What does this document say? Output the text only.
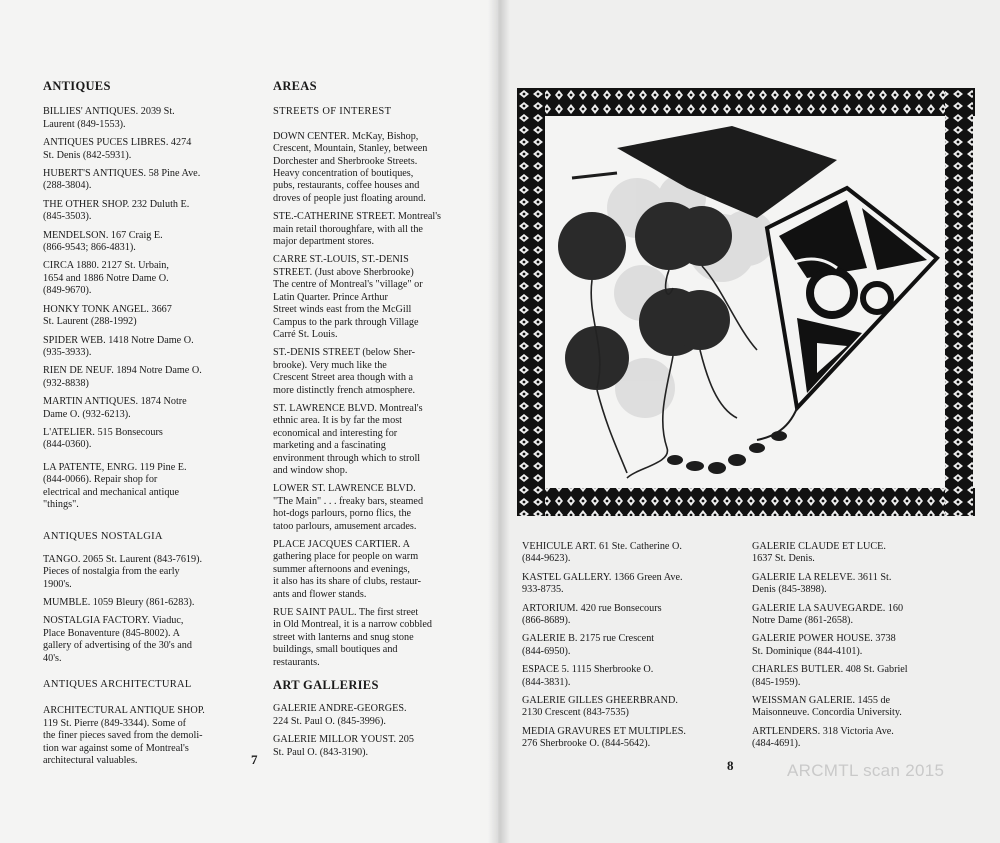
ANTIQUES
BILLIES' ANTIQUES. 2039 St.
Laurent (849-1553).
ANTIQUES PUCES LIBRES. 4274
St. Denis (842-5931).
HUBERT'S ANTIQUES. 58 Pine Ave.
(288-3804).
THE OTHER SHOP. 232 Duluth E.
(845-3503).
MENDELSON. 167 Craig E.
(866-9543; 866-4831).
CIRCA 1880. 2127 St. Urbain,
1654 and 1886 Notre Dame O.
(849-9670).
HONKY TONK ANGEL. 3667
St. Laurent (288-1992)
SPIDER WEB. 1418 Notre Dame O.
(935-3933).
RIEN DE NEUF. 1894 Notre Dame O.
(932-8838)
MARTIN ANTIQUES. 1874 Notre
Dame O. (932-6213).
L'ATELIER. 515 Bonsecours
(844-0360).
LA PATENTE, ENRG. 119 Pine E.
(844-0066). Repair shop for
electrical and mechanical antique
"things".
ANTIQUES NOSTALGIA
TANGO. 2065 St. Laurent (843-7619).
Pieces of nostalgia from the early
1900's.
MUMBLE. 1059 Bleury (861-6283).
NOSTALGIA FACTORY. Viaduc,
Place Bonaventure (845-8002). A
gallery of advertising of the 30's and
40's.
ANTIQUES ARCHITECTURAL
ARCHITECTURAL ANTIQUE SHOP.
119 St. Pierre (849-3344). Some of
the finer pieces saved from the demoli-
tion war against some of Montreal's
architectural valuables.
AREAS
STREETS OF INTEREST
DOWN CENTER. McKay, Bishop,
Crescent, Mountain, Stanley, between
Dorchester and Sherbrooke Streets.
Heavy concentration of boutiques,
pubs, restaurants, coffee houses and
droves of people just floating around.
STE.-CATHERINE STREET. Montreal's
main retail thoroughfare, with all the
major department stores.
CARRE ST.-LOUIS, ST.-DENIS
STREET. (Just above Sherbrooke)
The centre of Montreal's "village" or
Latin Quarter. Prince Arthur
Street winds east from the McGill
Campus to the park through Village
Carré St. Louis.
ST.-DENIS STREET (below Sher-
brooke). Very much like the
Crescent Street area though with a
more distinctly french atmosphere.
ST. LAWRENCE BLVD. Montreal's
ethnic area. It is by far the most
economical and interesting for
marketing and a fascinating
environment through which to stroll
and window shop.
LOWER ST. LAWRENCE BLVD.
"The Main" . . . freaky bars, steamed
hot-dogs parlours, porno flics, the
tatoo parlours, amusement arcades.
PLACE JACQUES CARTIER. A
gathering place for people on warm
summer afternoons and evenings,
it also has its share of clubs, restaur-
ants and flower stands.
RUE SAINT PAUL. The first street
in Old Montreal, it is a narrow cobbled
street with lanterns and snug stone
buildings, small boutiques and
restaurants.
ART GALLERIES
GALERIE ANDRE-GEORGES.
224 St. Paul O. (845-3996).
GALERIE MILLOR YOUST. 205
St. Paul O. (843-3190).
7
VEHICULE ART. 61 Ste. Catherine O.
(844-9623).
KASTEL GALLERY. 1366 Green Ave.
933-8735.
ARTORIUM. 420 rue Bonsecours
(866-8689).
GALERIE B. 2175 rue Crescent
(844-6950).
ESPACE 5. 1115 Sherbrooke O.
(844-3831).
GALERIE GILLES GHEERBRAND.
2130 Crescent (843-7535)
MEDIA GRAVURES ET MULTIPLES.
276 Sherbrooke O. (844-5642).
GALERIE CLAUDE ET LUCE.
1637 St. Denis.
GALERIE LA RELEVE. 3611 St.
Denis (845-3898).
GALERIE LA SAUVEGARDE. 160
Notre Dame (861-2658).
GALERIE POWER HOUSE. 3738
St. Dominique (844-4101).
CHARLES BUTLER. 408 St. Gabriel
(845-1959).
WEISSMAN GALERIE. 1455 de
Maisonneuve. Concordia University.
ARTLENDERS. 318 Victoria Ave.
(484-4691).
8	ARCMTL scan 2015
